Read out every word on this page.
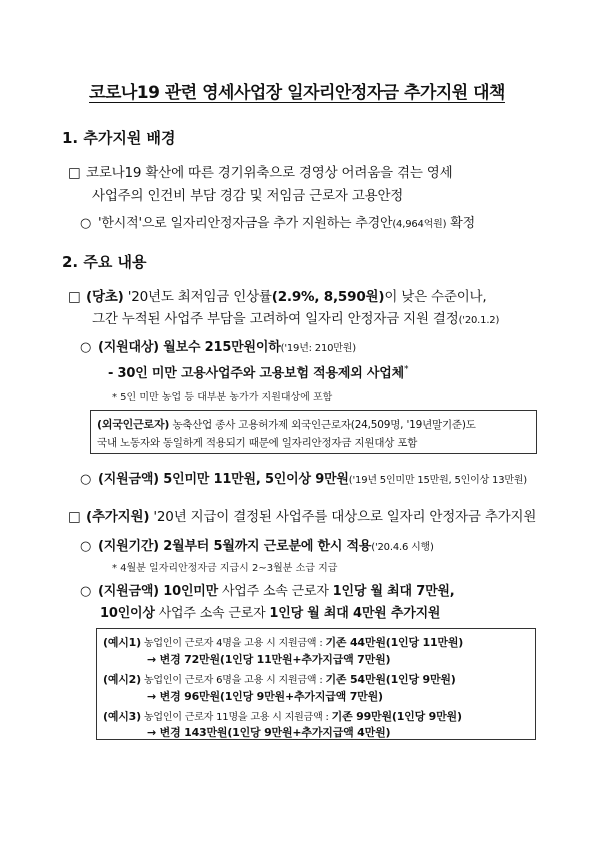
코로나19 관련 영세사업장 일자리안정자금 추가지원 대책
1. 추가지원 배경
□ 코로나19 확산에 따른 경기위축으로 경영상 어려움을 겪는 영세
사업주의 인건비 부담 경감 및 저임금 근로자 고용안정
○ '한시적'으로 일자리안정자금을 추가 지원하는 추경안(4,964억원) 확정
2. 주요 내용
□ (당초) '20년도 최저임금 인상률(2.9%, 8,590원)이 낮은 수준이나,
그간 누적된 사업주 부담을 고려하여 일자리 안정자금 지원 결정('20.1.2)
○ (지원대상) 월보수 215만원이하('19년: 210만원)
- 30인 미만 고용사업주와 고용보험 적용제외 사업체*
* 5인 미만 농업 등 대부분 농가가 지원대상에 포함
(외국인근로자) 농축산업 종사 고용허가제 외국인근로자(24,509명, '19년말기준)도
국내 노동자와 동일하게 적용되기 때문에 일자리안정자금 지원대상 포함
○ (지원금액) 5인미만 11만원, 5인이상 9만원('19년 5인미만 15만원, 5인이상 13만원)
□ (추가지원) '20년 지급이 결정된 사업주를 대상으로 일자리 안정자금 추가지원
○ (지원기간) 2월부터 5월까지 근로분에 한시 적용('20.4.6 시행)
* 4월분 일자리안정자금 지급시 2~3월분 소급 지급
○ (지원금액) 10인미만 사업주 소속 근로자 1인당 월 최대 7만원,
10인이상 사업주 소속 근로자 1인당 월 최대 4만원 추가지원
(예시1) 농업인이 근로자 4명을 고용 시 지원금액 : 기존 44만원(1인당 11만원)
→ 변경 72만원(1인당 11만원+추가지급액 7만원)
(예시2) 농업인이 근로자 6명을 고용 시 지원금액 : 기존 54만원(1인당 9만원)
→ 변경 96만원(1인당 9만원+추가지급액 7만원)
(예시3) 농업인이 근로자 11명을 고용 시 지원금액 : 기존 99만원(1인당 9만원)
→ 변경 143만원(1인당 9만원+추가지급액 4만원)
